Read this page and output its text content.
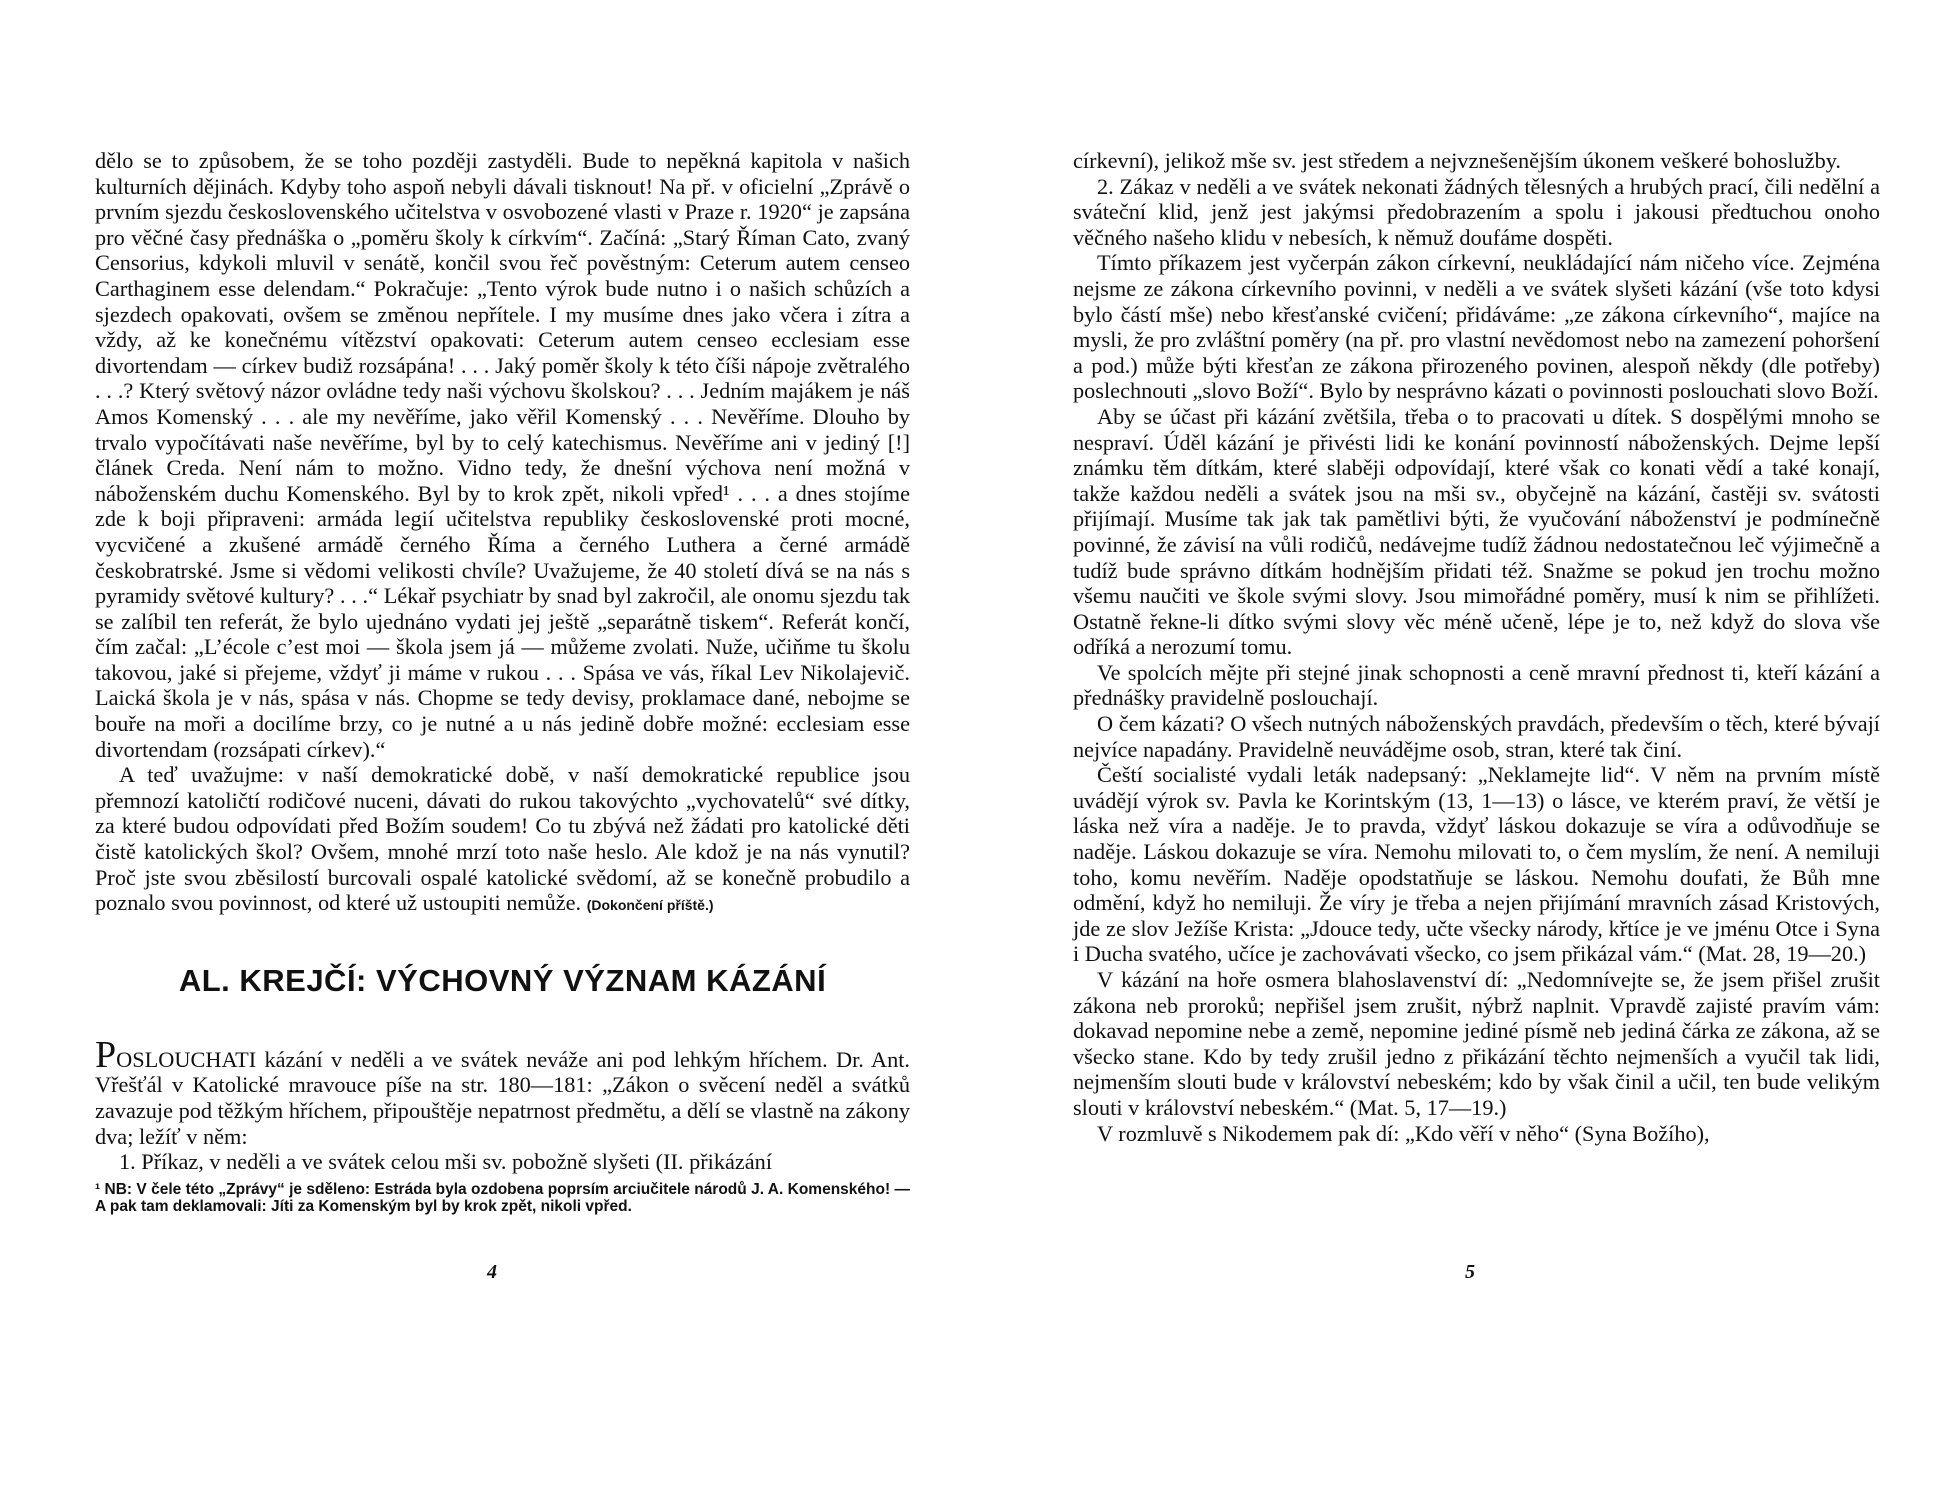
dělo se to způsobem, že se toho později zastyděli. Bude to nepěkná kapitola v našich kulturních dějinách. Kdyby toho aspoň nebyli dávali tisknout! Na př. v oficielní „Zprávě o prvním sjezdu československého učitelstva v osvobozené vlasti v Praze r. 1920“ je zapsána pro věčné časy přednáška o „poměru školy k církvím“. Začíná: „Starý Říman Cato, zvaný Censorius, kdykoli mluvil v senátě, končil svou řeč pověstným: Ceterum autem censeo Carthaginem esse delendam.“ Pokračuje: „Tento výrok bude nutno i o našich schůzích a sjezdech opakovati, ovšem se změnou nepřítele. I my musíme dnes jako včera i zítra a vždy, až ke konečnému vítězství opakovati: Ceterum autem censeo ecclesiam esse divortendam — církev budiž rozsápána! . . . Jaký poměr školy k této číši nápoje zvětralého . . .? Který světový názor ovládne tedy naši výchovu školskou? . . . Jedním majákem je náš Amos Komenský . . . ale my nevěříme, jako věřil Komenský . . . Nevěříme. Dlouho by trvalo vypočítávati naše nevěříme, byl by to celý katechismus. Nevěříme ani v jediný [!] článek Creda. Není nám to možno. Vidno tedy, že dnešní výchova není možná v náboženském duchu Komenského. Byl by to krok zpět, nikoli vpřed¹ . . . a dnes stojíme zde k boji připraveni: armáda legií učitelstva republiky československé proti mocné, vycvičené a zkušené armádě černého Říma a černého Luthera a černé armádě českobratrské. Jsme si vědomi velikosti chvíle? Uvažujeme, že 40 století dívá se na nás s pyramidy světové kultury? . . .“ Lékař psychiatr by snad byl zakročil, ale onomu sjezdu tak se zalíbil ten referát, že bylo ujednáno vydati jej ještě „separátně tiskem“. Referát končí, čím začal: „L’école c’est moi — škola jsem já — můžeme zvolati. Nuže, učiňme tu školu takovou, jaké si přejeme, vždyť ji máme v rukou . . . Spása ve vás, říkal Lev Nikolajevič. Laická škola je v nás, spása v nás. Chopme se tedy devisy, proklamace dané, nebojme se bouře na moři a docilíme brzy, co je nutné a u nás jedině dobře možné: ecclesiam esse divortendam (rozsápati církev).“

A teď uvažujme: v naší demokratické době, v naší demokratické republice jsou přemnozí katoličtí rodičové nuceni, dávati do rukou takovýchto „vychovatelů“ své dítky, za které budou odpovídati před Božím soudem! Co tu zbývá než žádati pro katolické děti čistě katolických škol? Ovšem, mnohé mrzí toto naše heslo. Ale kdož je na nás vynutil? Proč jste svou zběsilostí burcovali ospalé katolické svědomí, až se konečně probudilo a poznalo svou povinnost, od které už ustoupiti nemůže. (Dokončení příště.)

AL. KREJČÍ: VÝCHOVNÝ VÝZNAM KÁZÁNÍ

POSLOUCHATI kázání v neděli a ve svátek neváže ani pod lehkým hříchem. Dr. Ant. Vřešťál v Katolické mravouce píše na str. 180—181: „Zákon o svěcení neděl a svátků zavazuje pod těžkým hříchem, připouštěje nepatrnost předmětu, a dělí se vlastně na zákony dva; ležíť v něm:

1. Příkaz, v neděli a ve svátek celou mši sv. pobožně slyšeti (II. přikázání

¹ NB: V čele této „Zprávy“ je sděleno: Estráda byla ozdobena poprsím arciučitele národů J. A. Komenského! — A pak tam deklamovali: Jíti za Komenským byl by krok zpět, nikoli vpřed.

církevní), jelikož mše sv. jest středem a nejvznešenějším úkonem veškeré bohoslužby.

2. Zákaz v neděli a ve svátek nekonati žádných tělesných a hrubých prací, čili nedělní a sváteční klid, jenž jest jakýmsi předobrazením a spolu i jakousi předtuchou onoho věčného našeho klidu v nebesích, k němuž doufáme dospěti.

Tímto příkazem jest vyčerpán zákon církevní, neukládající nám ničeho více. Zejména nejsme ze zákona církevního povinni, v neděli a ve svátek slyšeti kázání (vše toto kdysi bylo částí mše) nebo křesťanské cvičení; přidáváme: „ze zákona církevního“, majíce na mysli, že pro zvláštní poměry (na př. pro vlastní nevědomost nebo na zamezení pohoršení a pod.) může býti křesťan ze zákona přirozeného povinen, alespoň někdy (dle potřeby) poslechnouti „slovo Boží“. Bylo by nesprávno kázati o povinnosti poslouchati slovo Boží.

Aby se účast při kázání zvětšila, třeba o to pracovati u dítek. S dospělými mnoho se nespraví. Úděl kázání je přivésti lidi ke konání povinností náboženských. Dejme lepší známku těm dítkám, které slaběji odpovídají, které však co konati vědí a také konají, takže každou neděli a svátek jsou na mši sv., obyčejně na kázání, častěji sv. svátosti přijímají. Musíme tak jak tak pamětlivi býti, že vyučování náboženství je podmínečně povinné, že závisí na vůli rodičů, nedávejme tudíž žádnou nedostatečnou leč výjimečně a tudíž bude správno dítkám hodnějším přidati též. Snažme se pokud jen trochu možno všemu naučiti ve škole svými slovy. Jsou mimořádné poměry, musí k nim se přihlížeti. Ostatně řekne-li dítko svými slovy věc méně učeně, lépe je to, než když do slova vše odříká a nerozumí tomu.

Ve spolcích mějte při stejné jinak schopnosti a ceně mravní přednost ti, kteří kázání a přednášky pravidelně poslouchají.

O čem kázati? O všech nutných náboženských pravdách, především o těch, které bývají nejvíce napadány. Pravidelně neuvádějme osob, stran, které tak činí.

Čeští socialisté vydali leták nadepsaný: „Neklamejte lid“. V něm na prvním místě uvádějí výrok sv. Pavla ke Korintským (13, 1—13) o lásce, ve kterém praví, že větší je láska než víra a naděje. Je to pravda, vždyť láskou dokazuje se víra a odůvodňuje se naděje. Láskou dokazuje se víra. Nemohu milovati to, o čem myslím, že není. A nemiluji toho, komu nevěřím. Naděje opodstatňuje se láskou. Nemohu doufati, že Bůh mne odmění, když ho nemiluji. Že víry je třeba a nejen přijímání mravních zásad Kristových, jde ze slov Ježíše Krista: „Jdouce tedy, učte všecky národy, křtíce je ve jménu Otce i Syna i Ducha svatého, učíce je zachovávati všecko, co jsem přikázal vám.“ (Mat. 28, 19—20.)

V kázání na hoře osmera blahoslavenství dí: „Nedomnívejte se, že jsem přišel zrušit zákona neb proroků; nepřišel jsem zrušit, nýbrž naplnit. Vpravdě zajisté pravím vám: dokavad nepomine nebe a země, nepomine jediné písmě neb jediná čárka ze zákona, až se všecko stane. Kdo by tedy zrušil jedno z přikázání těchto nejmenších a vyučil tak lidi, nejmenším slouti bude v království nebeském; kdo by však činil a učil, ten bude velikým slouti v království nebeském.“ (Mat. 5, 17—19.)

V rozmluvě s Nikodemem pak dí: „Kdo věří v něho“ (Syna Božího),

4	5
